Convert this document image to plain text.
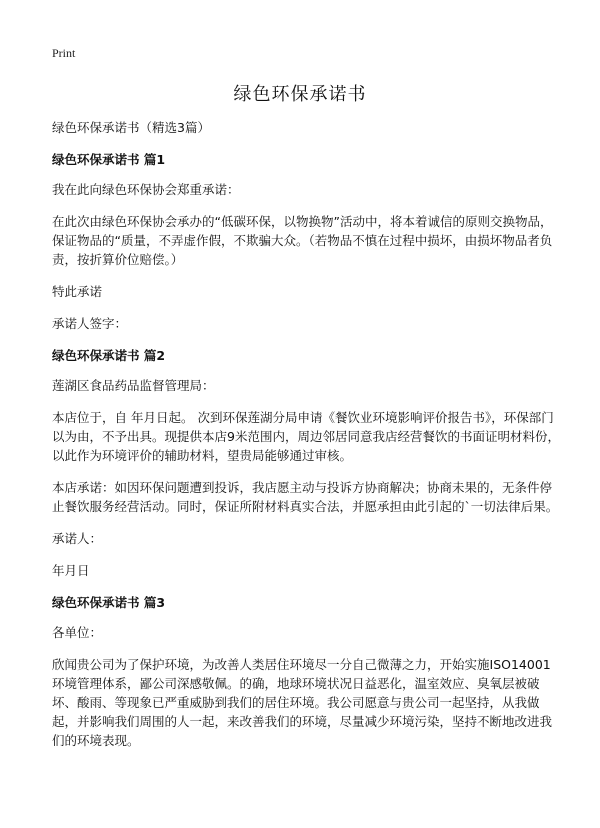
Print
绿色环保承诺书

绿色环保承诺书（精选3篇）

绿色环保承诺书 篇1

我在此向绿色环保协会郑重承诺：

在此次由绿色环保协会承办的“低碳环保，以物换物”活动中，将本着诚信的原则交换物品，保证物品的“质量，不弄虚作假，不欺骗大众。（若物品不慎在过程中损坏，由损坏物品者负责，按折算价位赔偿。）

特此承诺

承诺人签字：

绿色环保承诺书 篇2

莲湖区食品药品监督管理局：

本店位于，自 年月日起。 次到环保莲湖分局申请《餐饮业环境影响评价报告书》，环保部门以为由，不予出具。现提供本店9米范围内，周边邻居同意我店经营餐饮的书面证明材料份，以此作为环境评价的辅助材料，望贵局能够通过审核。

本店承诺：如因环保问题遭到投诉，我店愿主动与投诉方协商解决；协商未果的，无条件停止餐饮服务经营活动。同时，保证所附材料真实合法，并愿承担由此引起的`一切法律后果。

承诺人：

年月日

绿色环保承诺书 篇3

各单位：

欣闻贵公司为了保护环境，为改善人类居住环境尽一分自己微薄之力，开始实施ISO14001环境管理体系，鄙公司深感敬佩。的确，地球环境状况日益恶化，温室效应、臭氧层被破坏、酸雨、等现象已严重威胁到我们的居住环境。我公司愿意与贵公司一起坚持，从我做起，并影响我们周围的人一起，来改善我们的环境，尽量减少环境污染，坚持不断地改进我们的环境表现。
